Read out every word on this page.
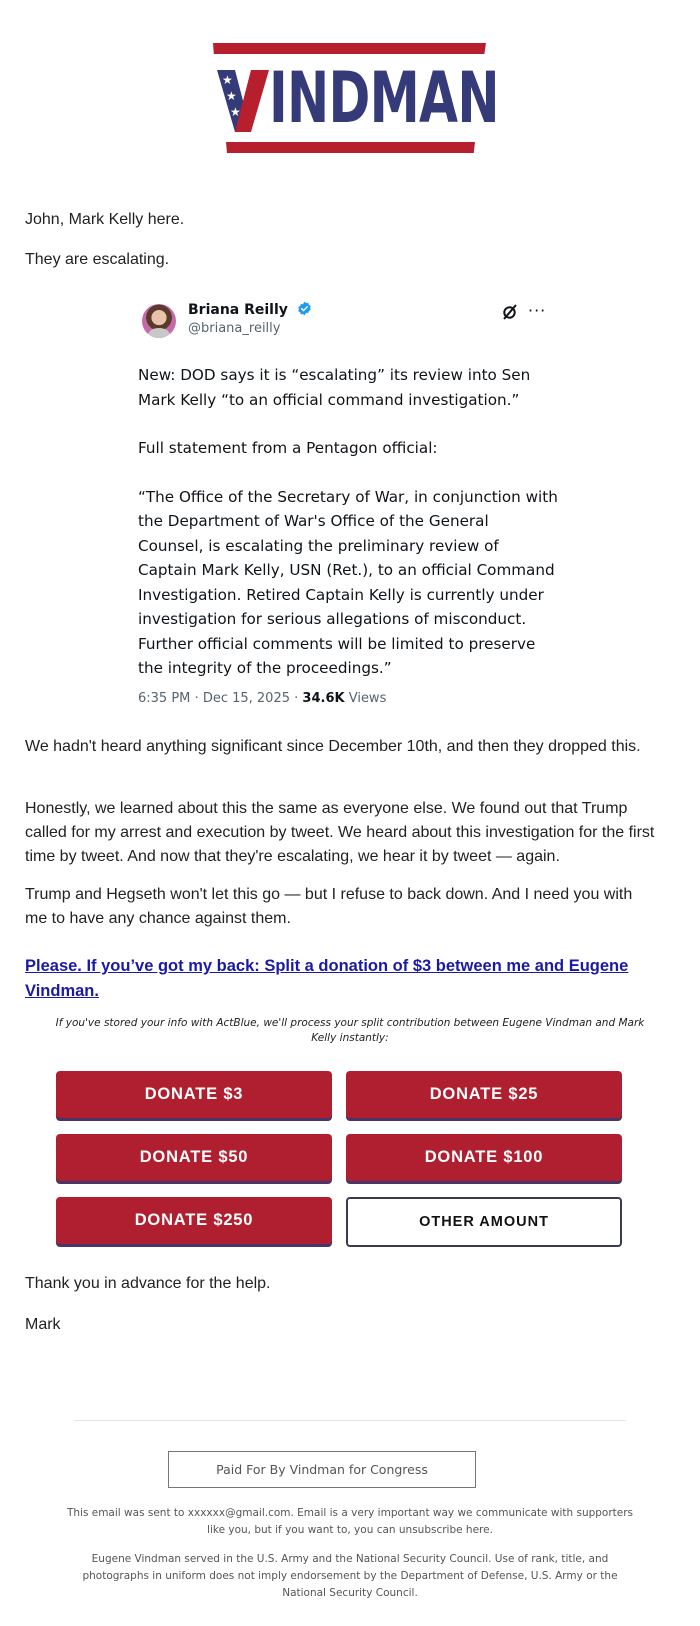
★
★
★ INDMAN

John, Mark Kelly here.

They are escalating.

Briana Reilly
@briana_reilly
···

New: DOD says it is “escalating” its review into Sen Mark Kelly “to an official command investigation.”

Full statement from a Pentagon official:

“The Office of the Secretary of War, in conjunction with the Department of War's Office of the General Counsel, is escalating the preliminary review of Captain Mark Kelly, USN (Ret.), to an official Command Investigation. Retired Captain Kelly is currently under investigation for serious allegations of misconduct. Further official comments will be limited to preserve the integrity of the proceedings.”

6:35 PM · Dec 15, 2025 · 34.6K Views

We hadn't heard anything significant since December 10th, and then they dropped this.

Honestly, we learned about this the same as everyone else. We found out that Trump called for my arrest and execution by tweet. We heard about this investigation for the first time by tweet. And now that they're escalating, we hear it by tweet — again.

Trump and Hegseth won't let this go — but I refuse to back down. And I need you with me to have any chance against them.

Please. If you’ve got my back: Split a donation of $3 between me and Eugene Vindman.
If you've stored your info with ActBlue, we'll process your split contribution between Eugene Vindman and Mark Kelly instantly:
DONATE $3	DONATE $25
DONATE $50	DONATE $100
DONATE $250	OTHER AMOUNT

Thank you in advance for the help.

Mark

Paid For By Vindman for Congress

This email was sent to xxxxxx@gmail.com. Email is a very important way we communicate with supporters like you, but if you want to, you can unsubscribe here.

Eugene Vindman served in the U.S. Army and the National Security Council. Use of rank, title, and photographs in uniform does not imply endorsement by the Department of Defense, U.S. Army or the National Security Council.
